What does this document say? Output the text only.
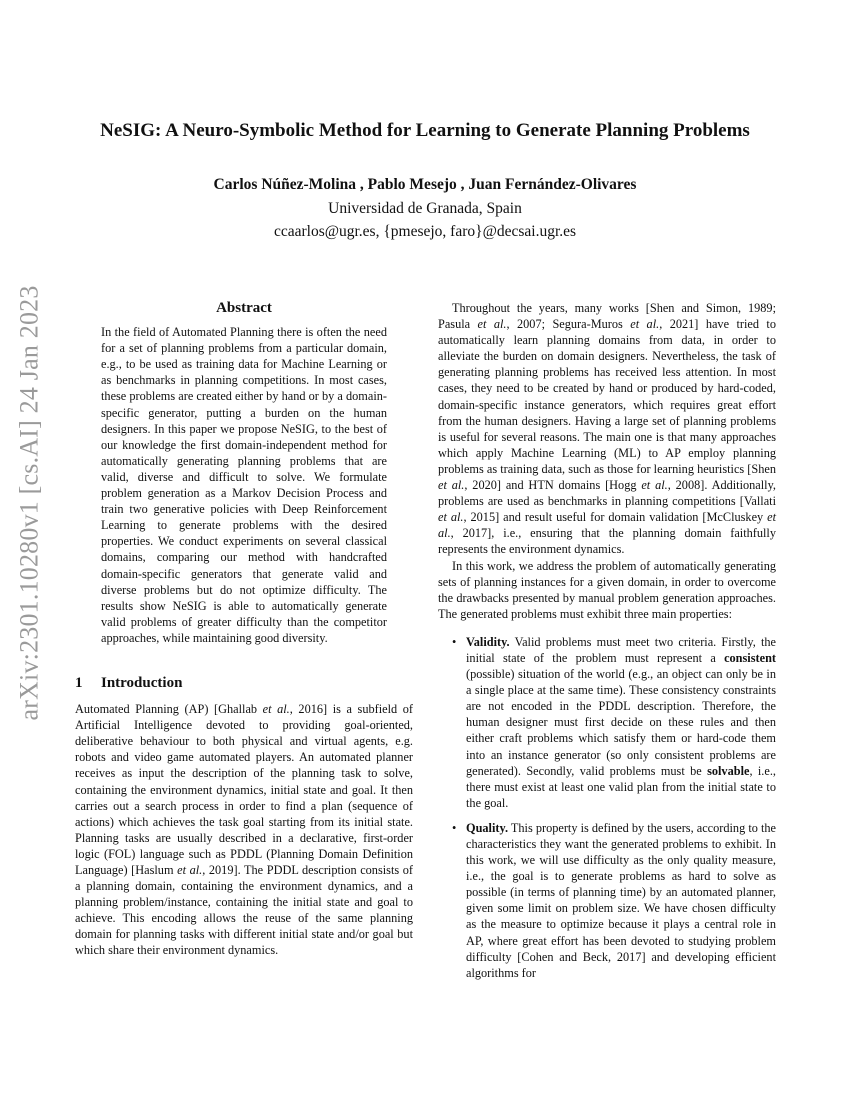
arXiv:2301.10280v1 [cs.AI] 24 Jan 2023
NeSIG: A Neuro-Symbolic Method for Learning to Generate Planning Problems
Carlos Núñez-Molina , Pablo Mesejo , Juan Fernández-Olivares
Universidad de Granada, Spain
ccaarlos@ugr.es, {pmesejo, faro}@decsai.ugr.es
Abstract

In the field of Automated Planning there is often the need for a set of planning problems from a particular domain, e.g., to be used as training data for Machine Learning or as benchmarks in planning competitions. In most cases, these problems are created either by hand or by a domain-specific generator, putting a burden on the human designers. In this paper we propose NeSIG, to the best of our knowledge the first domain-independent method for automatically generating planning problems that are valid, diverse and difficult to solve. We formulate problem generation as a Markov Decision Process and train two generative policies with Deep Reinforcement Learning to generate problems with the desired properties. We conduct experiments on several classical domains, comparing our method with handcrafted domain-specific generators that generate valid and diverse problems but do not optimize difficulty. The results show NeSIG is able to automatically generate valid problems of greater difficulty than the competitor approaches, while maintaining good diversity.

1 Introduction

Automated Planning (AP) [Ghallab et al., 2016] is a subfield of Artificial Intelligence devoted to providing goal-oriented, deliberative behaviour to both physical and virtual agents, e.g. robots and video game automated players. An automated planner receives as input the description of the planning task to solve, containing the environment dynamics, initial state and goal. It then carries out a search process in order to find a plan (sequence of actions) which achieves the task goal starting from its initial state. Planning tasks are usually described in a declarative, first-order logic (FOL) language such as PDDL (Planning Domain Definition Language) [Haslum et al., 2019]. The PDDL description consists of a planning domain, containing the environment dynamics, and a planning problem/instance, containing the initial state and goal to achieve. This encoding allows the reuse of the same planning domain for planning tasks with different initial state and/or goal but which share their environment dynamics.

Throughout the years, many works [Shen and Simon, 1989; Pasula et al., 2007; Segura-Muros et al., 2021] have tried to automatically learn planning domains from data, in order to alleviate the burden on domain designers. Nevertheless, the task of generating planning problems has received less attention. In most cases, they need to be created by hand or produced by hard-coded, domain-specific instance generators, which requires great effort from the human designers. Having a large set of planning problems is useful for several reasons. The main one is that many approaches which apply Machine Learning (ML) to AP employ planning problems as training data, such as those for learning heuristics [Shen et al., 2020] and HTN domains [Hogg et al., 2008]. Additionally, problems are used as benchmarks in planning competitions [Vallati et al., 2015] and result useful for domain validation [McCluskey et al., 2017], i.e., ensuring that the planning domain faithfully represents the environment dynamics.

In this work, we address the problem of automatically generating sets of planning instances for a given domain, in order to overcome the drawbacks presented by manual problem generation approaches. The generated problems must exhibit three main properties:

• Validity. Valid problems must meet two criteria. Firstly, the initial state of the problem must represent a consistent (possible) situation of the world (e.g., an object can only be in a single place at the same time). These consistency constraints are not encoded in the PDDL description. Therefore, the human designer must first decide on these rules and then either craft problems which satisfy them or hard-code them into an instance generator (so only consistent problems are generated). Secondly, valid problems must be solvable, i.e., there must exist at least one valid plan from the initial state to the goal.
• Quality. This property is defined by the users, according to the characteristics they want the generated problems to exhibit. In this work, we will use difficulty as the only quality measure, i.e., the goal is to generate problems as hard to solve as possible (in terms of planning time) by an automated planner, given some limit on problem size. We have chosen difficulty as the measure to optimize because it plays a central role in AP, where great effort has been devoted to studying problem difficulty [Cohen and Beck, 2017] and developing efficient algorithms for
